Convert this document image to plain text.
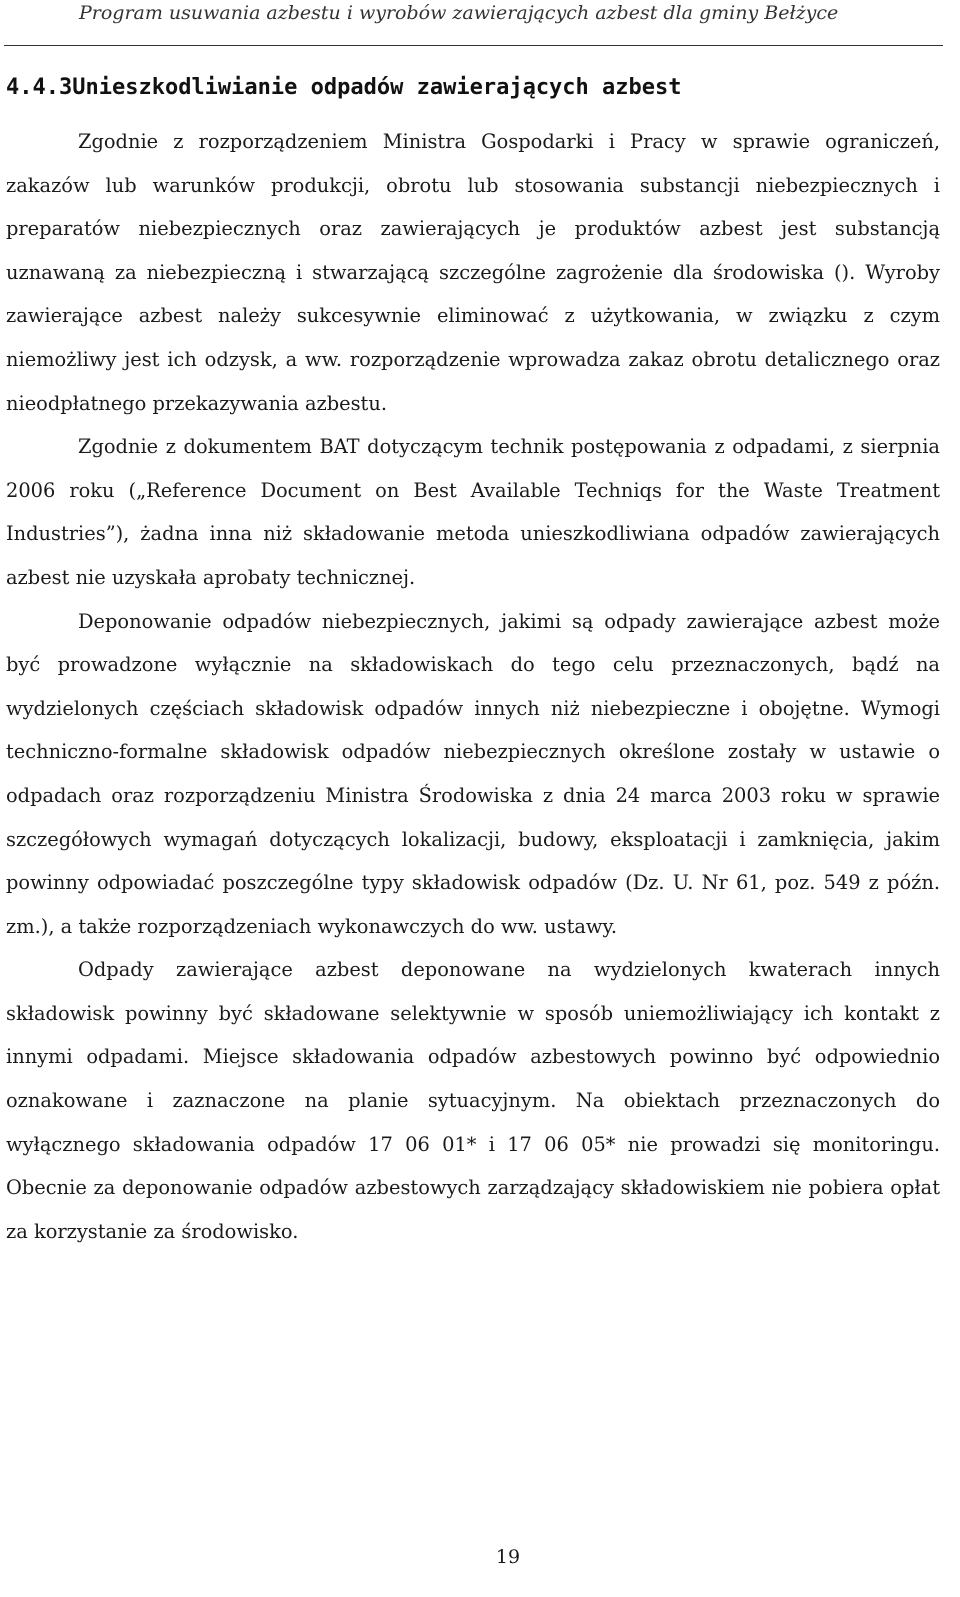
Program usuwania azbestu i wyrobów zawierających azbest dla gminy Bełżyce
4.4.3Unieszkodliwianie odpadów zawierających azbest

Zgodnie z rozporządzeniem Ministra Gospodarki i Pracy w sprawie ograniczeń, zakazów lub warunków produkcji, obrotu lub stosowania substancji niebezpiecznych i preparatów niebezpiecznych oraz zawierających je produktów azbest jest substancją uznawaną za niebezpieczną i stwarzającą szczególne zagrożenie dla środowiska (). Wyroby zawierające azbest należy sukcesywnie eliminować z użytkowania, w związku z czym niemożliwy jest ich odzysk, a ww. rozporządzenie wprowadza zakaz obrotu detalicznego oraz nieodpłatnego przekazywania azbestu.

Zgodnie z dokumentem BAT dotyczącym technik postępowania z odpadami, z sierpnia 2006 roku („Reference Document on Best Available Techniqs for the Waste Treatment Industries”), żadna inna niż składowanie metoda unieszkodliwiana odpadów zawierających azbest nie uzyskała aprobaty technicznej.

Deponowanie odpadów niebezpiecznych, jakimi są odpady zawierające azbest może być prowadzone wyłącznie na składowiskach do tego celu przeznaczonych, bądź na wydzielonych częściach składowisk odpadów innych niż niebezpieczne i obojętne. Wymogi techniczno-formalne składowisk odpadów niebezpiecznych określone zostały w ustawie o odpadach oraz rozporządzeniu Ministra Środowiska z dnia 24 marca 2003 roku w sprawie szczegółowych wymagań dotyczących lokalizacji, budowy, eksploatacji i zamknięcia, jakim powinny odpowiadać poszczególne typy składowisk odpadów (Dz. U. Nr 61, poz. 549 z późn. zm.), a także rozporządzeniach wykonawczych do ww. ustawy.

Odpady zawierające azbest deponowane na wydzielonych kwaterach innych składowisk powinny być składowane selektywnie w sposób uniemożliwiający ich kontakt z innymi odpadami. Miejsce składowania odpadów azbestowych powinno być odpowiednio oznakowane i zaznaczone na planie sytuacyjnym. Na obiektach przeznaczonych do wyłącznego składowania odpadów 17 06 01* i 17 06 05* nie prowadzi się monitoringu. Obecnie za deponowanie odpadów azbestowych zarządzający składowiskiem nie pobiera opłat za korzystanie za środowisko.

19
